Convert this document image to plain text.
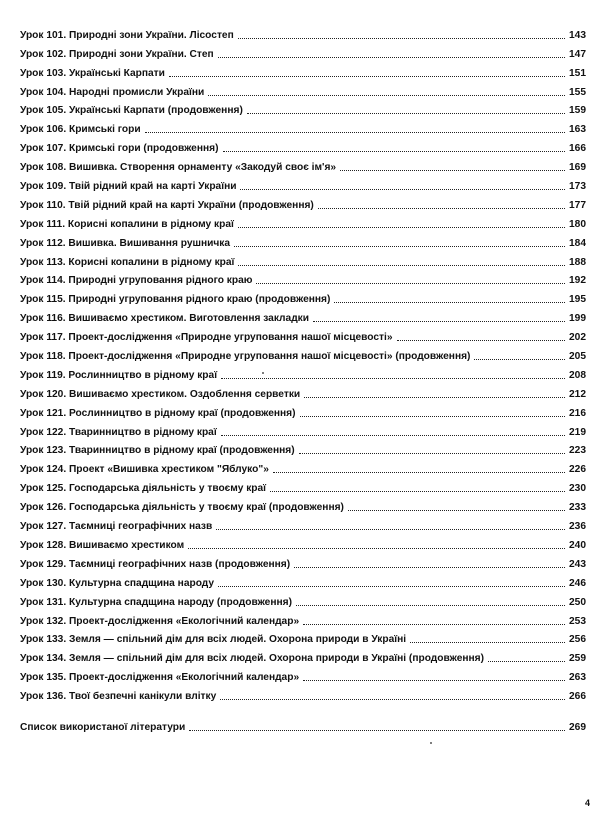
Урок 101. Природні зони України. Лісостеп	143
Урок 102. Природні зони України. Степ	147
Урок 103. Українські Карпати	151
Урок 104. Народні промисли України	155
Урок 105. Українські Карпати (продовження)	159
Урок 106. Кримські гори	163
Урок 107. Кримські гори (продовження)	166
Урок 108. Вишивка. Створення орнаменту «Закодуй своє ім'я»	169
Урок 109. Твій рідний край на карті України	173
Урок 110. Твій рідний край на карті України (продовження)	177
Урок 111. Корисні копалини в рідному краї	180
Урок 112. Вишивка. Вишивання рушничка	184
Урок 113. Корисні копалини в рідному краї	188
Урок 114. Природні угруповання рідного краю	192
Урок 115. Природні угруповання рідного краю (продовження)	195
Урок 116. Вишиваємо хрестиком. Виготовлення закладки	199
Урок 117. Проект-дослідження «Природне угруповання нашої місцевості»	202
Урок 118. Проект-дослідження «Природне угруповання нашої місцевості» (продовження)	205
Урок 119. Рослинництво в рідному краї	208
Урок 120. Вишиваємо хрестиком. Оздоблення серветки	212
Урок 121. Рослинництво в рідному краї (продовження)	216
Урок 122. Тваринництво в рідному краї	219
Урок 123. Тваринництво в рідному краї (продовження)	223
Урок 124. Проект «Вишивка хрестиком "Яблуко"»	226
Урок 125. Господарська діяльність у твоєму краї	230
Урок 126. Господарська діяльність у твоєму краї (продовження)	233
Урок 127. Таємниці географічних назв	236
Урок 128. Вишиваємо хрестиком	240
Урок 129. Таємниці географічних назв (продовження)	243
Урок 130. Культурна спадщина народу	246
Урок 131. Культурна спадщина народу (продовження)	250
Урок 132. Проект-дослідження «Екологічний календар»	253
Урок 133. Земля — спільний дім для всіх людей. Охорона природи в Україні	256
Урок 134. Земля — спільний дім для всіх людей. Охорона природи в Україні (продовження)	259
Урок 135. Проект-дослідження «Екологічний календар»	263
Урок 136. Твої безпечні канікули влітку	266
Список використаної літератури	269
4
